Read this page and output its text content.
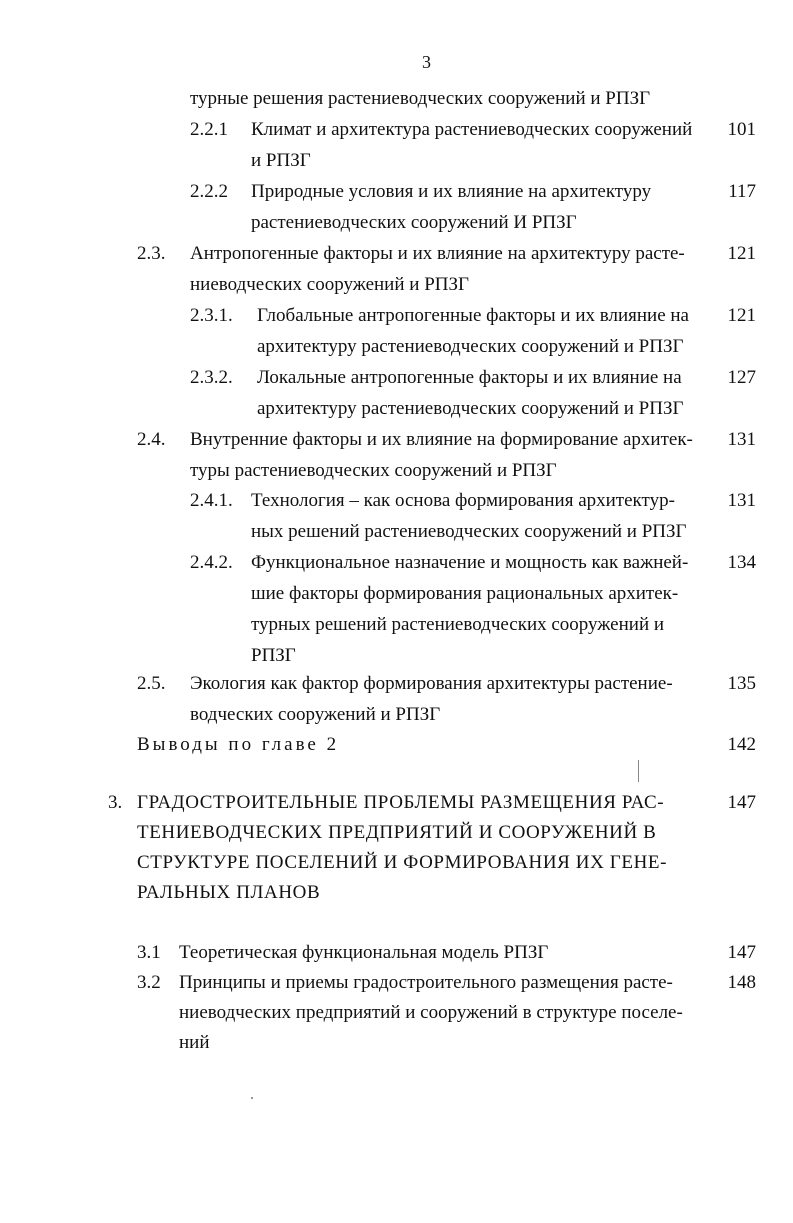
3
турные решения растениеводческих сооружений и РПЗГ
2.2.1 Климат и архитектура растениеводческих сооружений
и РПЗГ
101
2.2.2 Природные условия и их влияние на архитектуру
растениеводческих сооружений И РПЗГ
117
2.3. Антропогенные факторы и их влияние на архитектуру расте-
ниеводческих сооружений и РПЗГ
121
2.3.1. Глобальные антропогенные факторы и их влияние на
архитектуру растениеводческих сооружений и РПЗГ
121
2.3.2. Локальные антропогенные факторы и их влияние на
архитектуру растениеводческих сооружений и РПЗГ
127
2.4. Внутренние факторы и их влияние на формирование архитек-
туры растениеводческих сооружений и РПЗГ
131
2.4.1. Технология – как основа формирования архитектур-
ных решений растениеводческих сооружений и РПЗГ
131
2.4.2. Функциональное назначение и мощность как важней-
шие факторы формирования рациональных архитек-
турных решений растениеводческих сооружений и
РПЗГ
134
2.5. Экология как фактор формирования архитектуры растение-
водческих сооружений и РПЗГ
135
Выводы по главе 2	142
3. ГРАДОСТРОИТЕЛЬНЫЕ ПРОБЛЕМЫ РАЗМЕЩЕНИЯ РАС-
ТЕНИЕВОДЧЕСКИХ ПРЕДПРИЯТИЙ И СООРУЖЕНИЙ В
СТРУКТУРЕ ПОСЕЛЕНИЙ И ФОРМИРОВАНИЯ ИХ ГЕНЕ-
РАЛЬНЫХ ПЛАНОВ
147
3.1 Теоретическая функциональная модель РПЗГ	147
3.2 Принципы и приемы градостроительного размещения расте-
ниеводческих предприятий и сооружений в структуре поселе-
ний
148
